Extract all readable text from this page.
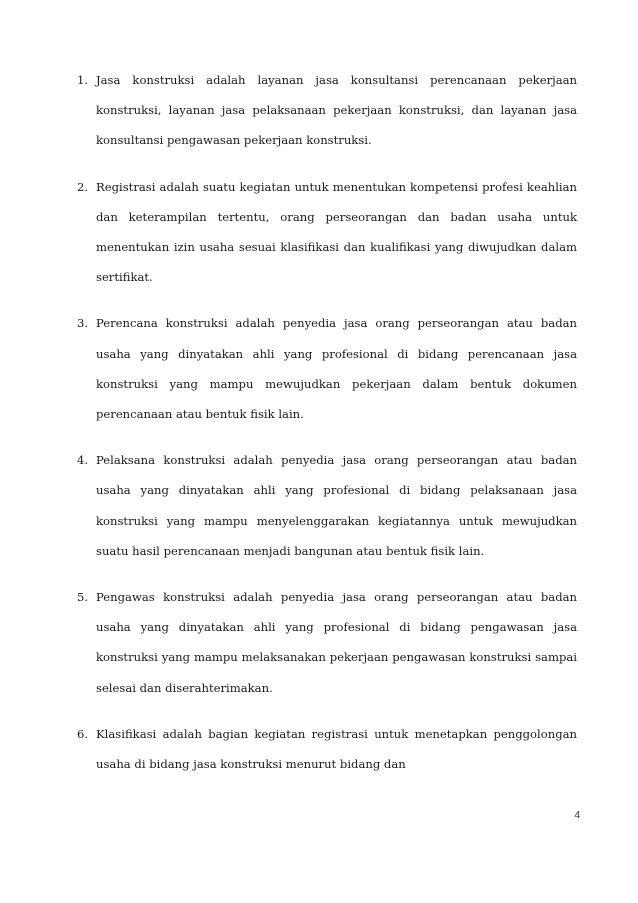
1. Jasa konstruksi adalah layanan jasa konsultansi perencanaan pekerjaan konstruksi, layanan jasa pelaksanaan pekerjaan konstruksi, dan layanan jasa konsultansi pengawasan pekerjaan konstruksi.
2. Registrasi adalah suatu kegiatan untuk menentukan kompetensi profesi keahlian dan keterampilan tertentu, orang perseorangan dan badan usaha untuk menentukan izin usaha sesuai klasifikasi dan kualifikasi yang diwujudkan dalam sertifikat.
3. Perencana konstruksi adalah penyedia jasa orang perseorangan atau badan usaha yang dinyatakan ahli yang profesional di bidang perencanaan jasa konstruksi yang mampu mewujudkan pekerjaan dalam bentuk dokumen perencanaan atau bentuk fisik lain.
4. Pelaksana konstruksi adalah penyedia jasa orang perseorangan atau badan usaha yang dinyatakan ahli yang profesional di bidang pelaksanaan jasa konstruksi yang mampu menyelenggarakan kegiatannya untuk mewujudkan suatu hasil perencanaan menjadi bangunan atau bentuk fisik lain.
5. Pengawas konstruksi adalah penyedia jasa orang perseorangan atau badan usaha yang dinyatakan ahli yang profesional di bidang pengawasan jasa konstruksi yang mampu melaksanakan pekerjaan pengawasan konstruksi sampai selesai dan diserahterimakan.
6. Klasifikasi adalah bagian kegiatan registrasi untuk menetapkan penggolongan usaha di bidang jasa konstruksi menurut bidang dan
4
